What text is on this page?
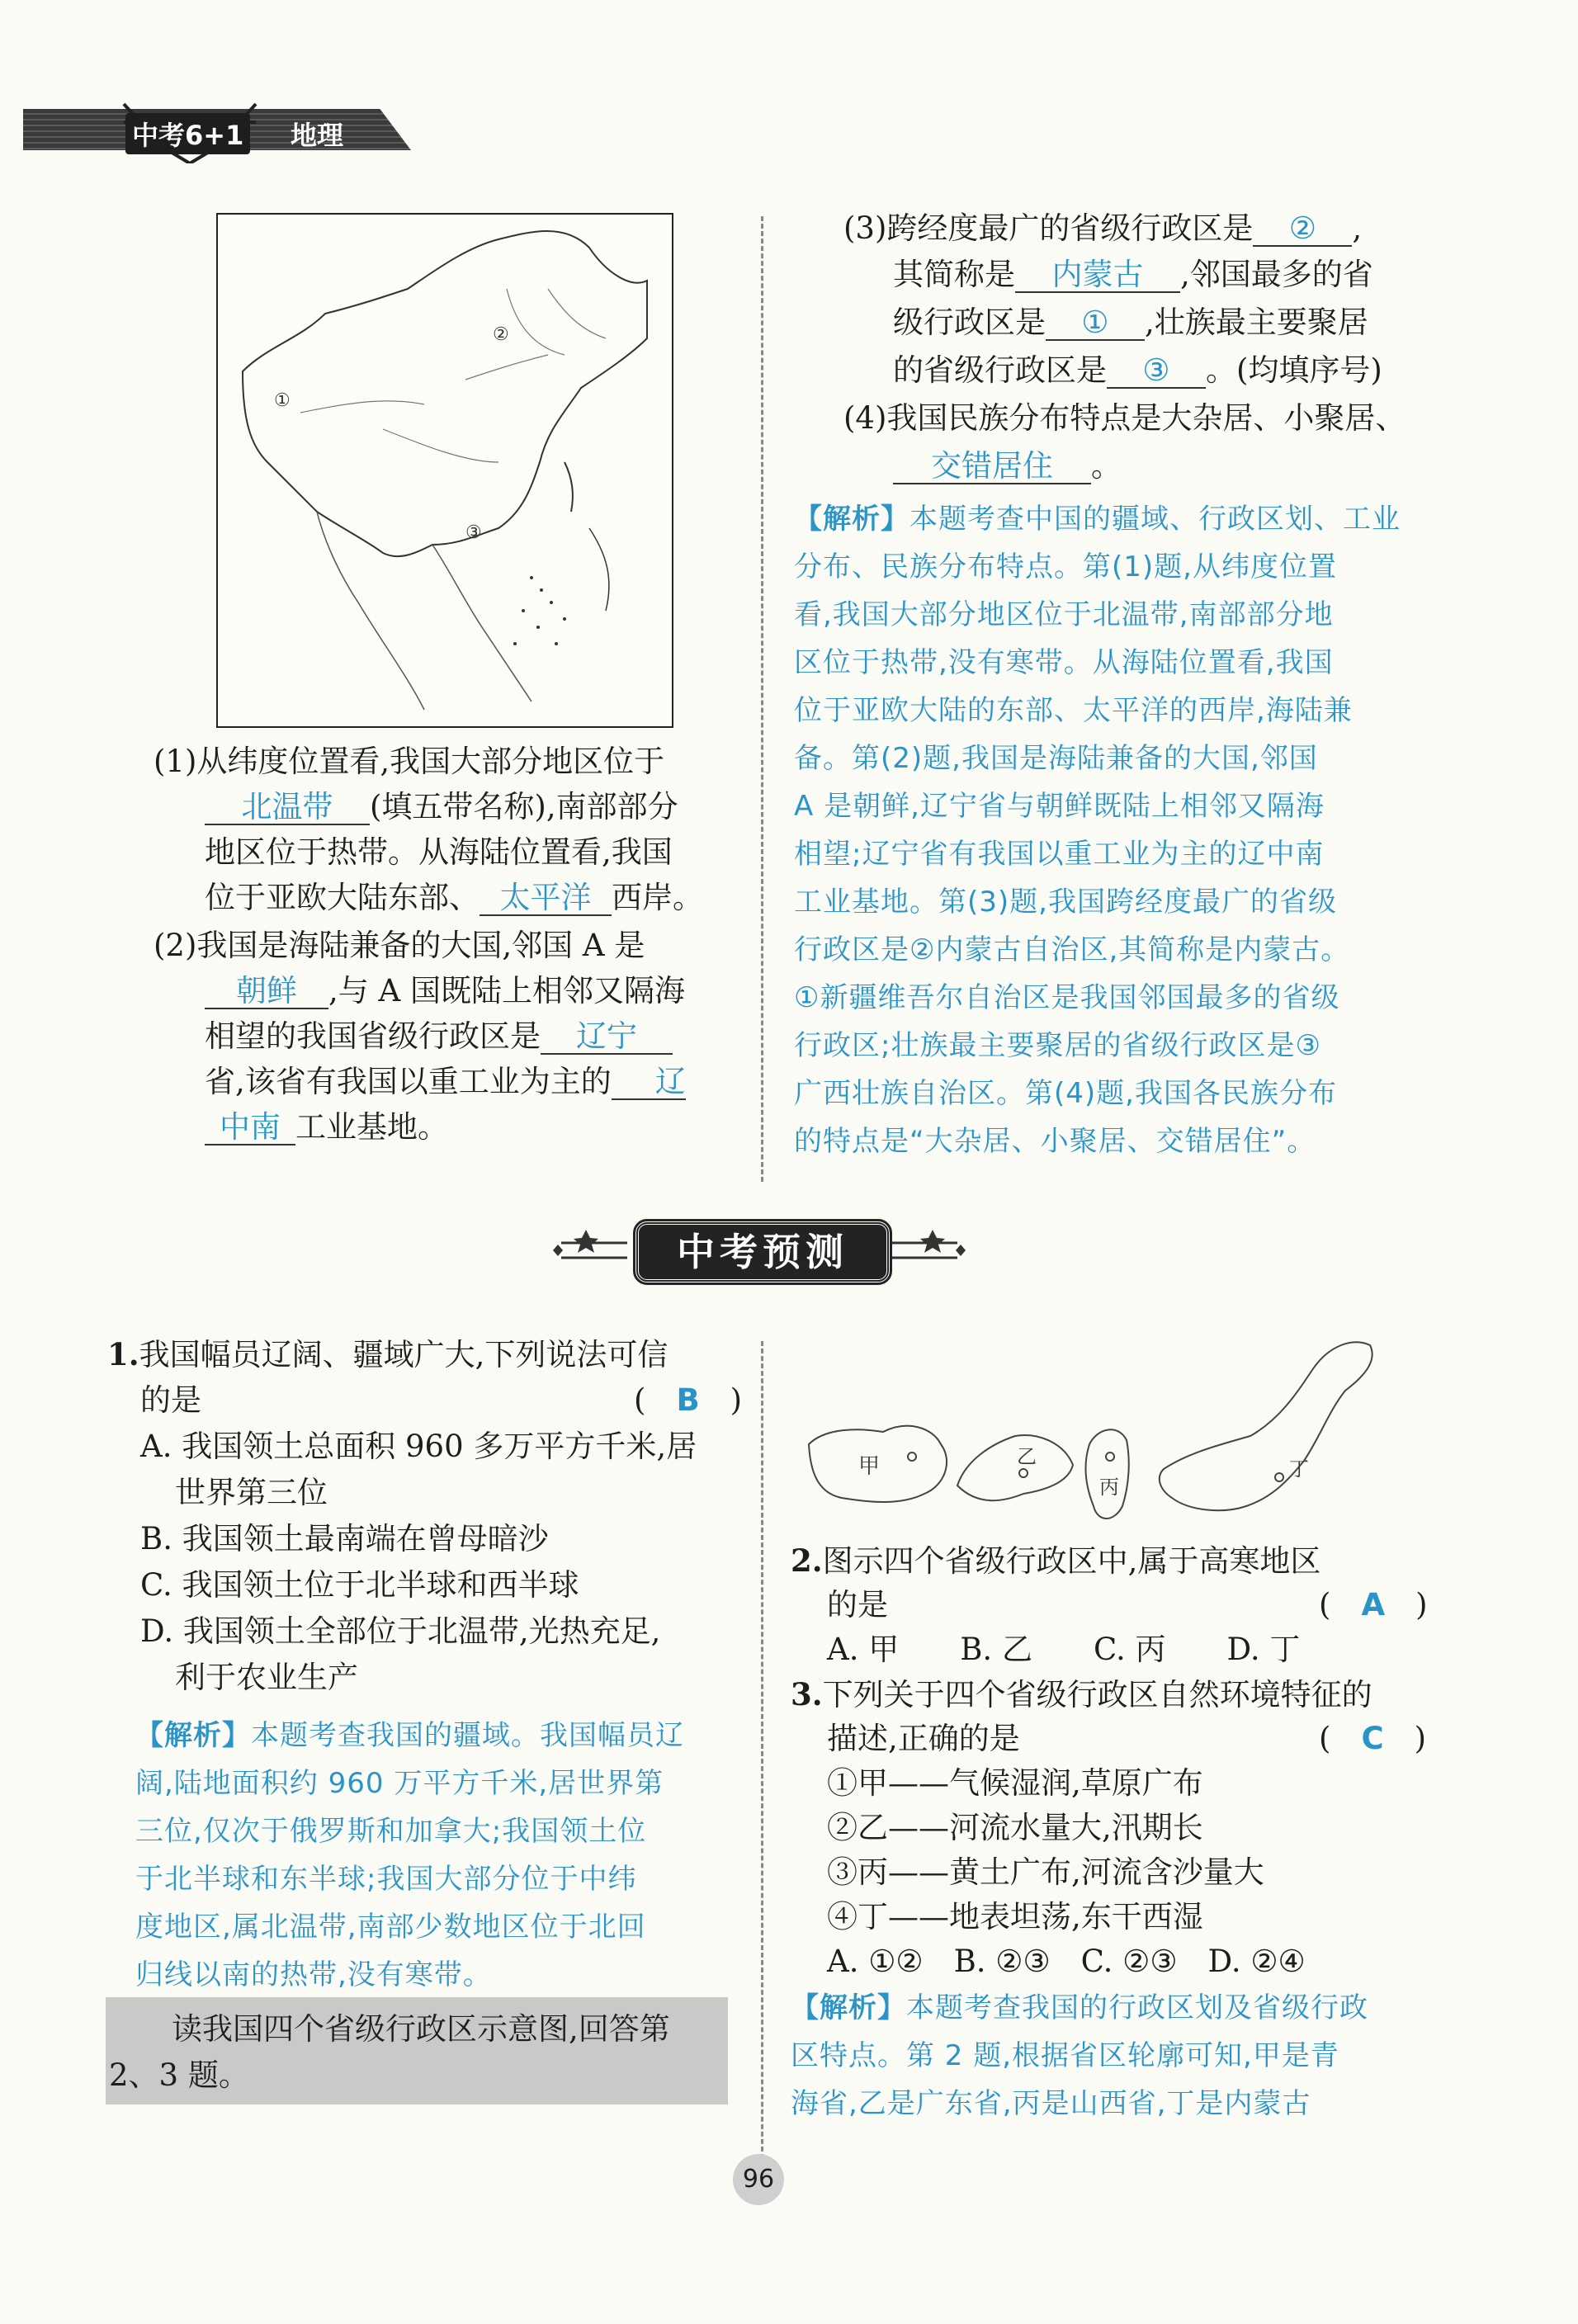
中考6+1 地理
①
②
③
(1)从纬度位置看,我国大部分地区位于
北温带 (填五带名称),南部部分
地区位于热带。从海陆位置看,我国
位于亚欧大陆东部、 太平洋 西岸。
(2)我国是海陆兼备的大国,邻国 A 是
朝鲜 ,与 A 国既陆上相邻又隔海
相望的我国省级行政区是 辽宁
省,该省有我国以重工业为主的 辽
中南 工业基地。
(3)跨经度最广的省级行政区是 ② ,
其简称是 内蒙古 ,邻国最多的省
级行政区是 ① ,壮族最主要聚居
的省级行政区是 ③ 。(均填序号)
(4)我国民族分布特点是大杂居、小聚居、
交错居住 。
【解析】本题考查中国的疆域、行政区划、工业
分布、民族分布特点。第(1)题,从纬度位置
看,我国大部分地区位于北温带,南部部分地
区位于热带,没有寒带。从海陆位置看,我国
位于亚欧大陆的东部、太平洋的西岸,海陆兼
备。第(2)题,我国是海陆兼备的大国,邻国
A 是朝鲜,辽宁省与朝鲜既陆上相邻又隔海
相望;辽宁省有我国以重工业为主的辽中南
工业基地。第(3)题,我国跨经度最广的省级
行政区是②内蒙古自治区,其简称是内蒙古。
①新疆维吾尔自治区是我国邻国最多的省级
行政区;壮族最主要聚居的省级行政区是③
广西壮族自治区。第(4)题,我国各民族分布
的特点是“大杂居、小聚居、交错居住”。
中考预测
1.我国幅员辽阔、疆域广大,下列说法可信
的是	(　B　)
A. 我国领土总面积 960 多万平方千米,居
世界第三位
B. 我国领土最南端在曾母暗沙
C. 我国领土位于北半球和西半球
D. 我国领土全部位于北温带,光热充足,
利于农业生产
【解析】本题考查我国的疆域。我国幅员辽
阔,陆地面积约 960 万平方千米,居世界第
三位,仅次于俄罗斯和加拿大;我国领土位
于北半球和东半球;我国大部分位于中纬
度地区,属北温带,南部少数地区位于北回
归线以南的热带,没有寒带。
读我国四个省级行政区示意图,回答第
2、3 题。
甲	乙
丙
丁
2.图示四个省级行政区中,属于高寒地区
的是	(　A　)
A. 甲　　B. 乙　　C. 丙　　D. 丁
3.下列关于四个省级行政区自然环境特征的
描述,正确的是	(　C　)
①甲——气候湿润,草原广布
②乙——河流水量大,汛期长
③丙——黄土广布,河流含沙量大
④丁——地表坦荡,东干西湿
A. ①②　B. ②③　C. ②③　D. ②④
【解析】本题考查我国的行政区划及省级行政
区特点。第 2 题,根据省区轮廓可知,甲是青
海省,乙是广东省,丙是山西省,丁是内蒙古
96
